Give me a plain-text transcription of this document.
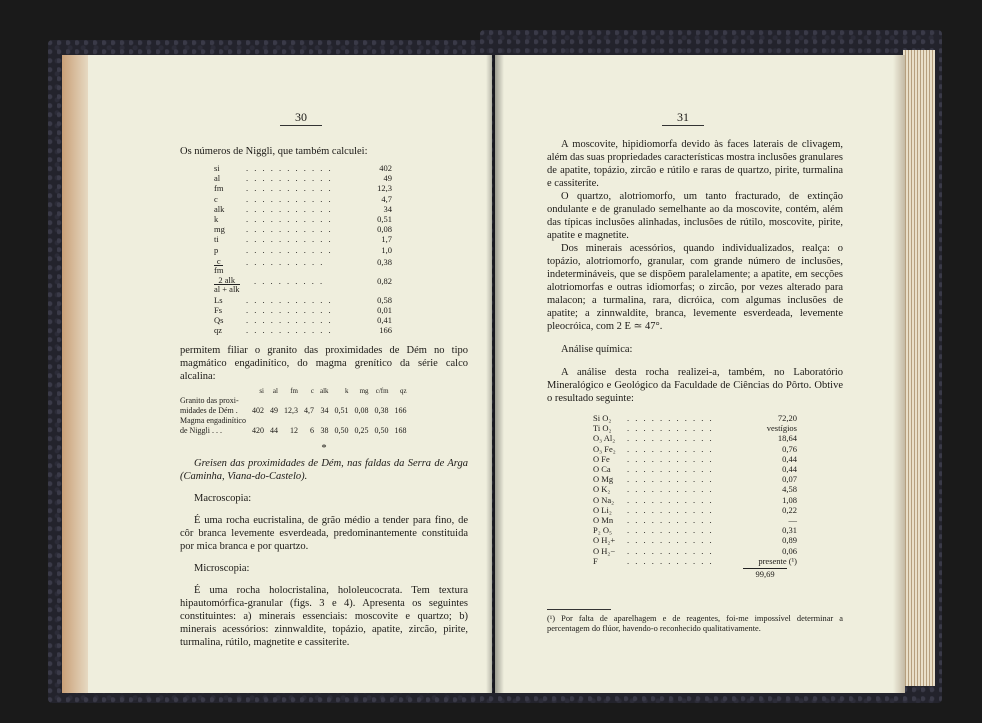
30

Os números de Niggli, que também calculei:

si	. . . . . . . . . . .	402
al	. . . . . . . . . . .	49
fm	. . . . . . . . . . .	12,3
c	. . . . . . . . . . .	4,7
alk	. . . . . . . . . . .	34
k	. . . . . . . . . . .	0,51
mg	. . . . . . . . . . .	0,08
ti	. . . . . . . . . . .	1,7
p	. . . . . . . . . . .	1,0
$\frac{c}{fm}$	. . . . . . . . . .	0,38
$\frac{\text{2 alk}}{\text{al + alk}}$ . . . . . . . . .	0,82
Ls	. . . . . . . . . . .	0,58
Fs	. . . . . . . . . . .	0,01
Qs	. . . . . . . . . . .	0,41
qz	. . . . . . . . . . .	166

permitem filiar o granito das proximidades de Dém no tipo magmático engadinítico, do magma grenítico da série calco alcalina:

	si	al	fm	c	alk	k	mg	c/fm	qz
Granito das proxi-
midades de Dém .	402	49	12,3	4,7	34	0,51	0,08	0,38	166
Magma engadinítico
de Niggli . . .	420	44	12	6	38	0,50	0,25	0,50	168
*

Greisen das proximidades de Dém, nas faldas da Serra de Arga (Caminha, Viana-do-Castelo).

Macroscopia:

É uma rocha eucristalina, de grão médio a tender para fino, de côr branca levemente esverdeada, predominantemente constituida por mica branca e por quartzo.

Microscopia:

É uma rocha holocristalina, hololeucocrata. Tem textura hipautomórfica-granular (figs. 3 e 4). Apresenta os seguintes constituintes: a) minerais essenciais: moscovite e quartzo; b) minerais acessórios: zinnwaldite, topázio, apatite, zircão, pirite, turmalina, rútilo, magnetite e cassiterite.

31

A moscovite, hipidiomorfa devido às faces laterais de clivagem, além das suas propriedades características mostra inclusões granulares de apatite, topázio, zircão e rútilo e raras de quartzo, pirite, turmalina e cassiterite.

O quartzo, alotriomorfo, um tanto fracturado, de extinção ondulante e de granulado semelhante ao da moscovite, contém, além das típicas inclusões alinhadas, inclusões de rútilo, moscovite, pirite, apatite e magnetite.

Dos minerais acessórios, quando individualizados, realça: o topázio, alotriomorfo, granular, com grande número de inclusões, indetermináveis, que se dispõem paralelamente; a apatite, em secções alotriomorfas e outras idiomorfas; o zircão, por vezes alterado para malacon; a turmalina, rara, dicróica, com algumas inclusões de apatite; a zinnwaldite, branca, levemente esverdeada, levemente pleocróica, com 2 E ≃ 47°.

Análise química:

A análise desta rocha realizei-a, também, no Laboratório Mineralógico e Geológico da Faculdade de Ciências do Pôrto. Obtive o resultado seguinte:

Si O₂	. . . . . . . . . . .	72,20
Ti O₂	. . . . . . . . . . .	vestígios
O₃ Al₂	. . . . . . . . . . .	18,64
O₃ Fe₂	. . . . . . . . . . .	0,76
O Fe	. . . . . . . . . . .	0,44
O Ca	. . . . . . . . . . .	0,44
O Mg	. . . . . . . . . . .	0,07
O K₂	. . . . . . . . . . .	4,58
O Na₂	. . . . . . . . . . .	1,08
O Li₂	. . . . . . . . . . .	0,22
O Mn	. . . . . . . . . . .	—
P₂ O₅	. . . . . . . . . . .	0,31
O H₂+	. . . . . . . . . . .	0,89
O H₂−	. . . . . . . . . . .	0,06
F	. . . . . . . . . . .	presente (¹)
99,69

(¹) Por falta de aparelhagem e de reagentes, foi-me impossível determinar a percentagem do flúor, havendo-o reconhecido qualitativamente.
